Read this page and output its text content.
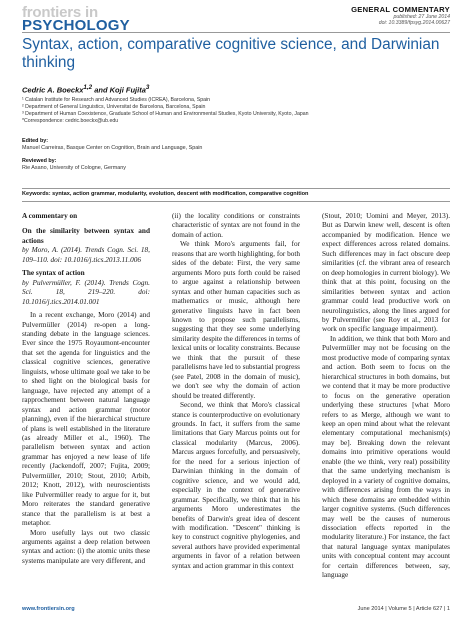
frontiers in
PSYCHOLOGY
GENERAL COMMENTARY
published: 27 June 2014
doi: 10.3389/fpsyg.2014.00627
Syntax, action, comparative cognitive science, and Darwinian thinking
Cedric A. Boeckx$^{1,2}$ and Koji Fujita$^3$
¹ Catalan Institute for Research and Advanced Studies (ICREA), Barcelona, Spain
² Department of General Linguistics, Universitat de Barcelona, Barcelona, Spain
³ Department of Human Coexistence, Graduate School of Human and Environmental Studies, Kyoto University, Kyoto, Japan
*Correspondence: cedric.boeckx@ub.edu
Edited by:
Manuel Carreiras, Basque Center on Cognition, Brain and Language, Spain
Reviewed by:
Rie Asano, University of Cologne, Germany
Keywords: syntax, action grammar, modularity, evolution, descent with modification, comparative cognition

A commentary on

On the similarity between syntax and actions

by Moro, A. (2014). Trends Cogn. Sci. 18, 109–110. doi: 10.1016/j.tics.2013.11.006

The syntax of action

by Pulvermüller, F. (2014). Trends Cogn. Sci. 18, 219–220. doi: 10.1016/j.tics.2014.01.001

In a recent exchange, Moro (2014) and Pulvermüller (2014) re-open a long-standing debate in the language sciences. Ever since the 1975 Royaumont-encounter that set the agenda for linguistics and the classical cognitive sciences, generative linguists, whose ultimate goal we take to be to shed light on the biological basis for language, have rejected any attempt of a rapprochement between natural language syntax and action grammar (motor planning), even if the hierarchical structure of plans is well established in the literature (as already Miller et al., 1960). The parallelism between syntax and action grammar has enjoyed a new lease of life recently (Jackendoff, 2007; Fujita, 2009; Pulvermüller, 2010; Stout, 2010; Arbib, 2012; Knott, 2012), with neuroscientists like Pulvermüller ready to argue for it, but Moro reiterates the standard generative stance that the parallelism is at best a metaphor.

Moro usefully lays out two classic arguments against a deep relation between syntax and action: (i) the atomic units these systems manipulate are very different, and

(ii) the locality conditions or constraints characteristic of syntax are not found in the domain of action.

We think Moro's arguments fail, for reasons that are worth highlighting, for both sides of the debate: First, the very same arguments Moro puts forth could be raised to argue against a relationship between syntax and other human capacities such as mathematics or music, although here generative linguists have in fact been known to propose such parallelisms, suggesting that they see some underlying similarity despite the differences in terms of lexical units or locality constraints. Because we think that the pursuit of these parallelisms have led to substantial progress (see Patel, 2008 in the domain of music), we don't see why the domain of action should be treated differently.

Second, we think that Moro's classical stance is counterproductive on evolutionary grounds. In fact, it suffers from the same limitations that Gary Marcus points out for classical modularity (Marcus, 2006). Marcus argues forcefully, and persuasively, for the need for a serious injection of Darwinian thinking in the domain of cognitive science, and we would add, especially in the context of generative grammar. Specifically, we think that in his arguments Moro underestimates the benefits of Darwin's great idea of descent with modification. "Descent" thinking is key to construct cognitive phylogenies, and several authors have provided experimental arguments in favor of a relation between syntax and action grammar in this context

(Stout, 2010; Uomini and Meyer, 2013). But as Darwin knew well, descent is often accompanied by modification. Hence we expect differences across related domains. Such differences may in fact obscure deep similarities (cf. the vibrant area of research on deep homologies in current biology). We think that at this point, focusing on the similarities between syntax and action grammar could lead productive work on neurolinguistics, along the lines argued for by Pulvermüller (see Roy et al., 2013 for work on specific language impairment).

In addition, we think that both Moro and Pulvermüller may not be focusing on the most productive mode of comparing syntax and action. Both seem to focus on the hierarchical structures in both domains, but we contend that it may be more productive to focus on the generative operation underlying these structures [what Moro refers to as Merge, although we want to keep an open mind about what the relevant elementary computational mechanism(s) may be]. Breaking down the relevant domains into primitive operations would enable (the we think, very real) possibility that the same underlying mechanism is deployed in a variety of cognitive domains, with differences arising from the ways in which these domains are embedded within larger cognitive systems. (Such differences may well be the causes of numerous dissociation effects reported in the modularity literature.) For instance, the fact that natural language syntax manipulates units with conceptual content may account for certain differences between, say, language

www.frontiersin.org	June 2014 | Volume 5 | Article 627 | 1
